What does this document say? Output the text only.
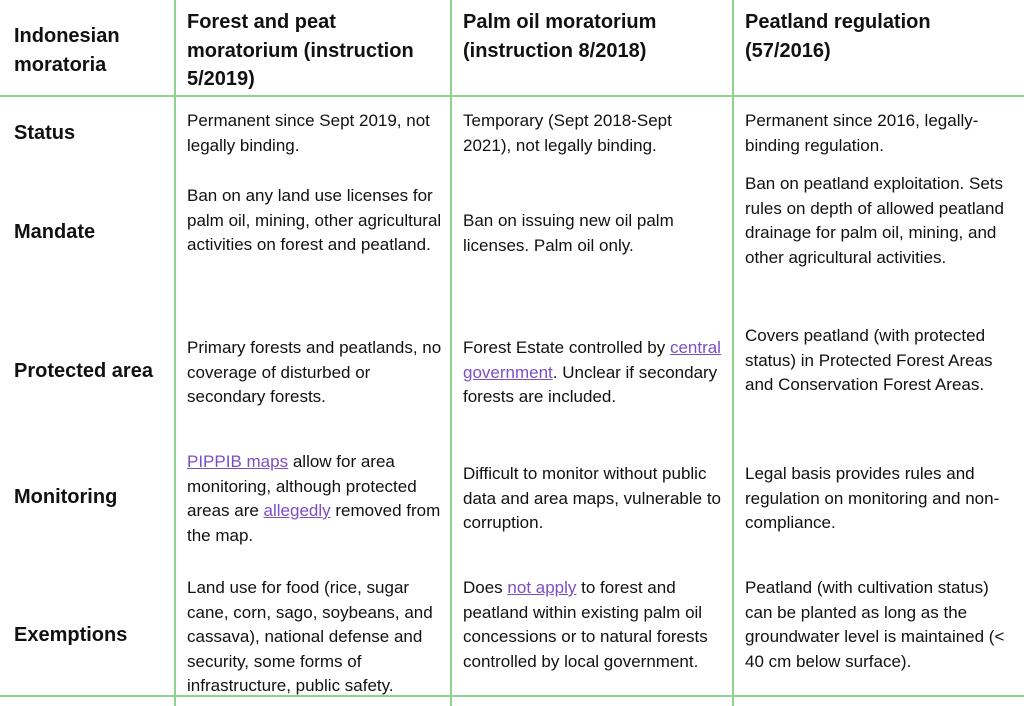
Indonesian moratoria
Forest and peat moratorium (instruction 5/2019)
Palm oil moratorium (instruction 8/2018)
Peatland regulation (57/2016)
Status
Permanent since Sept 2019, not legally binding.
Temporary (Sept 2018-Sept 2021), not legally binding.
Permanent since 2016, legally-binding regulation.
Mandate
Ban on any land use licenses for palm oil, mining, other agricultural activities on forest and peatland.
Ban on issuing new oil palm licenses. Palm oil only.
Ban on peatland exploitation. Sets rules on depth of allowed peatland drainage for palm oil, mining, and other agricultural activities.
Protected area
Primary forests and peatlands, no coverage of disturbed or secondary forests.
Forest Estate controlled by central government. Unclear if secondary forests are included.
Covers peatland (with protected status) in Protected Forest Areas and Conservation Forest Areas.
Monitoring
PIPPIB maps allow for area monitoring, although protected areas are allegedly removed from the map.
Difficult to monitor without public data and area maps, vulnerable to corruption.
Legal basis provides rules and regulation on monitoring and non-compliance.
Exemptions
Land use for food (rice, sugar cane, corn, sago, soybeans, and cassava), national defense and security, some forms of infrastructure, public safety.
Does not apply to forest and peatland within existing palm oil concessions or to natural forests controlled by local government.
Peatland (with cultivation status) can be planted as long as the groundwater level is maintained (< 40 cm below surface).
